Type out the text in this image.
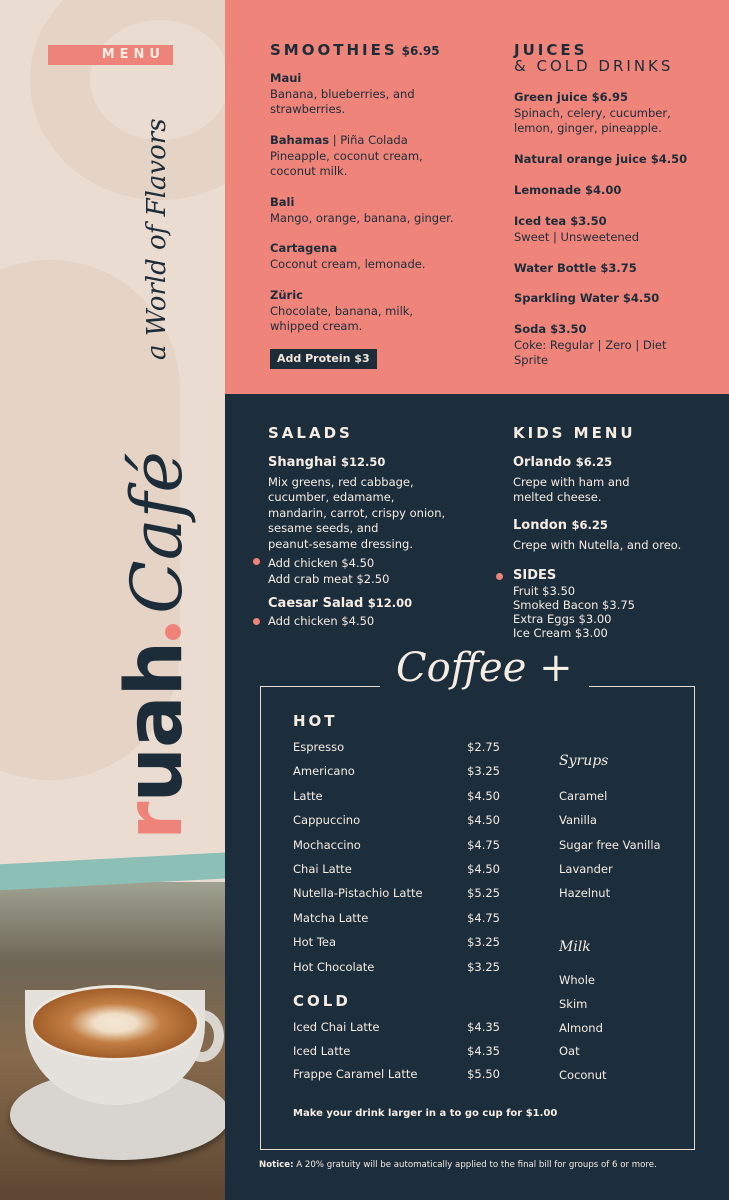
MENU
a World of Flavors
ruah
Café
SMOOTHIES $6.95
Maui
Banana, blueberries, and
strawberries.
Bahamas | Piña Colada
Pineapple, coconut cream,
coconut milk.
Bali
Mango, orange, banana, ginger.
Cartagena
Coconut cream, lemonade.
Züric
Chocolate, banana, milk,
whipped cream.
Add Protein $3
JUICES
& COLD DRINKS
Green juice $6.95
Spinach, celery, cucumber,
lemon, ginger, pineapple.
Natural orange juice $4.50
Lemonade $4.00
Iced tea $3.50
Sweet | Unsweetened
Water Bottle $3.75
Sparkling Water $4.50
Soda $3.50
Coke: Regular | Zero | Diet
Sprite
SALADS
Shanghai $12.50
Mix greens, red cabbage,
cucumber, edamame,
mandarin, carrot, crispy onion,
sesame seeds, and
peanut-sesame dressing.
Add chicken $4.50
Add crab meat $2.50
Caesar Salad $12.00
Add chicken $4.50
KIDS MENU
Orlando $6.25
Crepe with ham and
melted cheese.
London $6.25
Crepe with Nutella, and oreo.
SIDES
Fruit $3.50
Smoked Bacon $3.75
Extra Eggs $3.00
Ice Cream $3.00
Coffee +
HOT
Espresso	$2.75
Americano	$3.25
Latte	$4.50
Cappuccino	$4.50
Mochaccino	$4.75
Chai Latte	$4.50
Nutella-Pistachio Latte	$5.25
Matcha Latte	$4.75
Hot Tea	$3.25
Hot Chocolate	$3.25
COLD
Iced Chai Latte	$4.35
Iced Latte	$4.35
Frappe Caramel Latte	$5.50
Syrups
Caramel
Vanilla
Sugar free Vanilla
Lavander
Hazelnut
Milk
Whole
Skim
Almond
Oat
Coconut
Make your drink larger in a to go cup for $1.00
Notice: A 20% gratuity will be automatically applied to the final bill for groups of 6 or more.
